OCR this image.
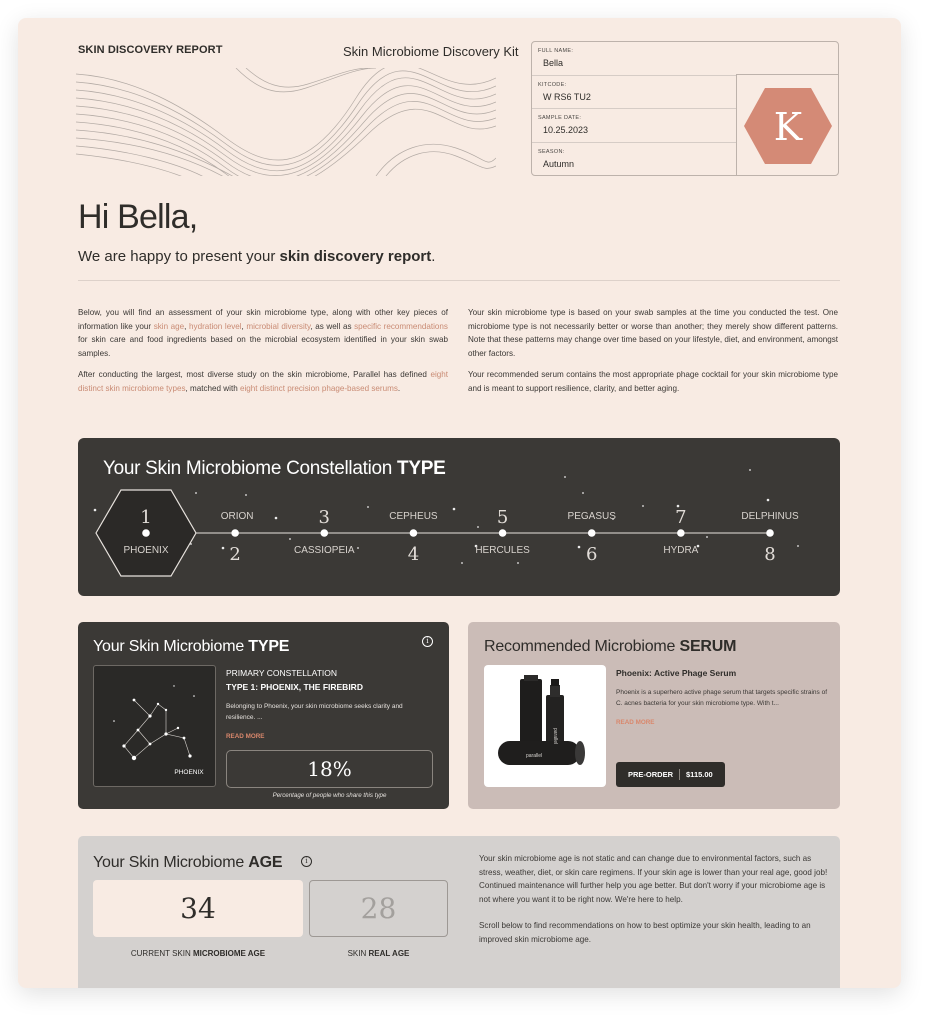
SKIN DISCOVERY REPORT	Skin Microbiome Discovery Kit	FULL NAME:
Bella
KITCODE:
W RS6 TU2
SAMPLE DATE:
10.25.2023
SEASON:
Autumn
K
Hi Bella,
We are happy to present your skin discovery report.

Below, you will find an assessment of your skin microbiome type, along with other key pieces of information like your skin age, hydration level, microbial diversity, as well as specific recommendations for skin care and food ingredients based on the microbial ecosystem identified in your skin swab samples.

After conducting the largest, most diverse study on the skin microbiome, Parallel has defined eight distinct skin microbiome types, matched with eight distinct precision phage-based serums.

Your skin microbiome type is based on your swab samples at the time you conducted the test. One microbiome type is not necessarily better or worse than another; they merely show different patterns. Note that these patterns may change over time based on your lifestyle, diet, and environment, amongst other factors.

Your recommended serum contains the most appropriate phage cocktail for your skin microbiome type and is meant to support resilience, clarity, and better aging.

Your Skin Microbiome Constellation TYPE
1
PHOENIX	2
ORION	3
CASSIOPEIA	4
CEPHEUS	5
HERCULES	6
PEGASUS	7
HYDRA	8
DELPHINUS
Your Skin Microbiome TYPE	i
PHOENIX
PRIMARY CONSTELLATION
TYPE 1: PHOENIX, THE FIREBIRD
Belonging to Phoenix, your skin microbiome seeks clarity and resilience. ...
READ MORE
18%
Percentage of people who share this type
Recommended Microbiome SERUM
parallel
parallel
Phoenix: Active Phage Serum
Phoenix is a superhero active phage serum that targets specific strains of C. acnes bacteria for your skin microbiome type. With t...
READ MORE
PRE-ORDER	$115.00
Your Skin Microbiome AGE	i
34	28
CURRENT SKIN MICROBIOME AGE	SKIN REAL AGE

Your skin microbiome age is not static and can change due to environmental factors, such as stress, weather, diet, or skin care regimens. If your skin age is lower than your real age, good job! Continued maintenance will further help you age better. But don't worry if your microbiome age is not where you want it to be right now. We're here to help.

Scroll below to find recommendations on how to best optimize your skin health, leading to an improved skin microbiome age.
